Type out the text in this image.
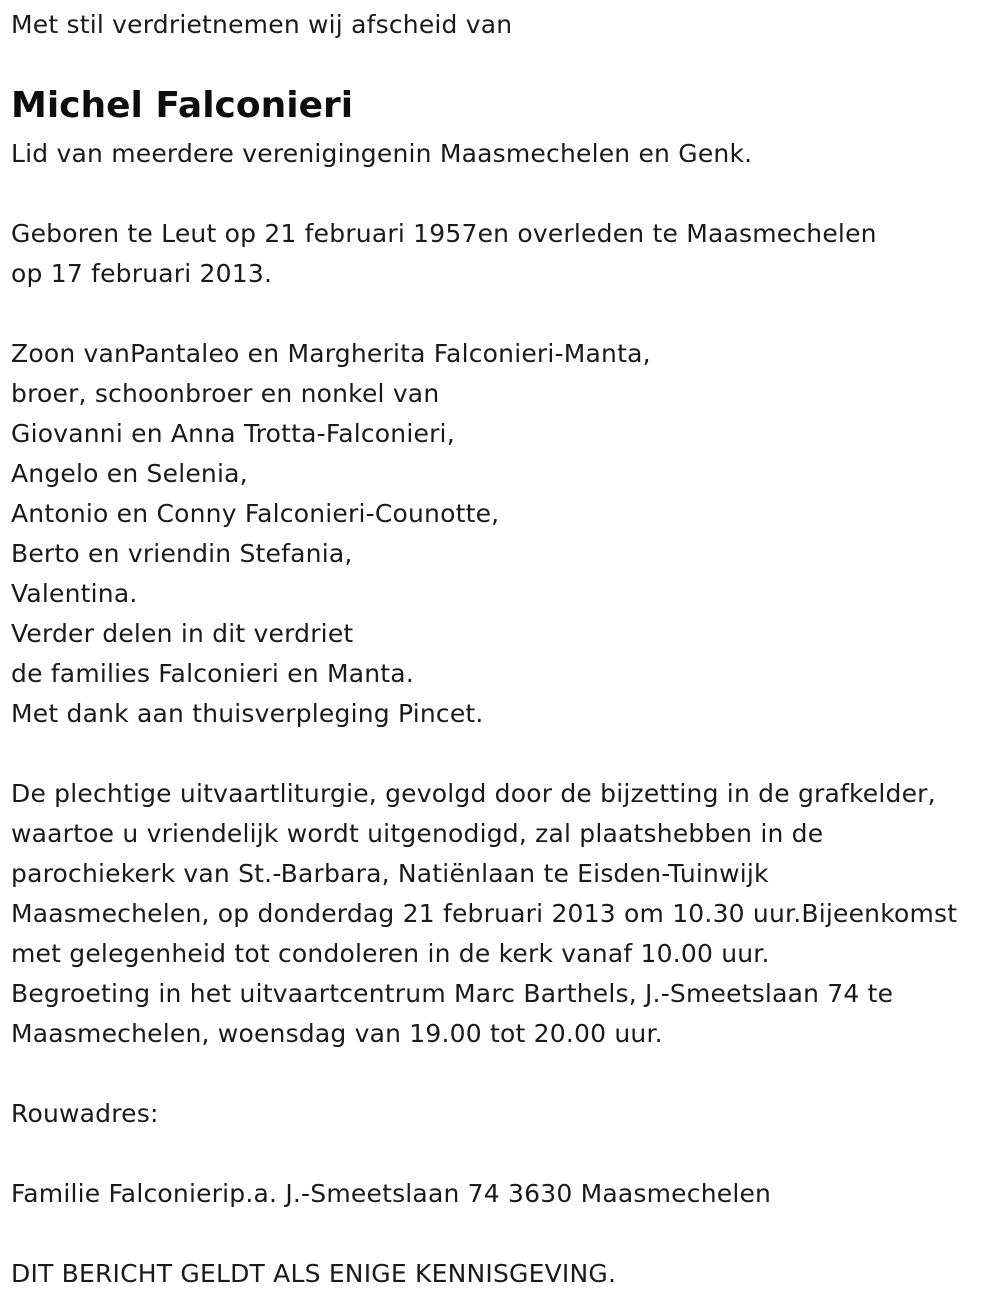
Met stil verdrietnemen wij afscheid van
Michel Falconieri
Lid van meerdere verenigingenin Maasmechelen en Genk.
Geboren te Leut op 21 februari 1957en overleden te Maasmechelen
op 17 februari 2013.
Zoon vanPantaleo en Margherita Falconieri-Manta,
broer, schoonbroer en nonkel van
Giovanni en Anna Trotta-Falconieri,
Angelo en Selenia,
Antonio en Conny Falconieri-Counotte,
Berto en vriendin Stefania,
Valentina.
Verder delen in dit verdriet
de families Falconieri en Manta.
Met dank aan thuisverpleging Pincet.
De plechtige uitvaartliturgie, gevolgd door de bijzetting in de grafkelder,
waartoe u vriendelijk wordt uitgenodigd, zal plaatshebben in de
parochiekerk van St.-Barbara, Natiënlaan te Eisden-Tuinwijk
Maasmechelen, op donderdag 21 februari 2013 om 10.30 uur.Bijeenkomst
met gelegenheid tot condoleren in de kerk vanaf 10.00 uur.
Begroeting in het uitvaartcentrum Marc Barthels, J.-Smeetslaan 74 te
Maasmechelen, woensdag van 19.00 tot 20.00 uur.
Rouwadres:
Familie Falconierip.a. J.-Smeetslaan 74 3630 Maasmechelen
DIT BERICHT GELDT ALS ENIGE KENNISGEVING.
